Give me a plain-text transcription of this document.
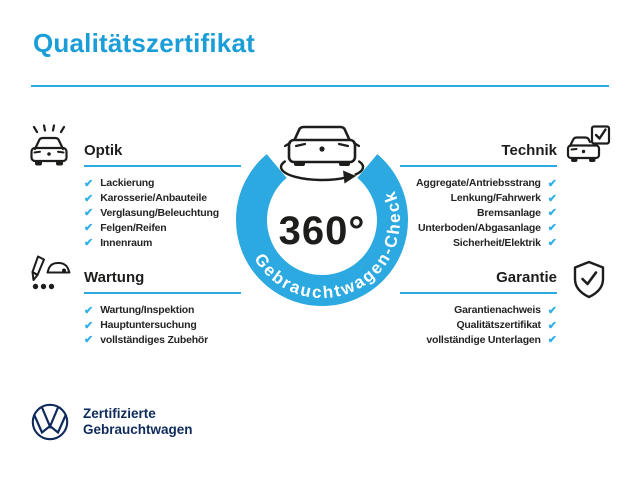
Qualitätszertifikat
Optik
✔ Lackierung
✔ Karosserie/Anbauteile
✔ Verglasung/Beleuchtung
✔ Felgen/Reifen
✔ Innenraum
Technik
✔
Aggregate/Antriebsstrang
✔
Lenkung/Fahrwerk
✔
Bremsanlage
✔
Unterboden/Abgasanlage
✔
Sicherheit/Elektrik
Wartung
✔ Wartung/Inspektion
✔ Hauptuntersuchung
✔ vollständiges Zubehör
Garantie
✔
Garantienachweis
✔
Qualitätszertifikat
✔
vollständige Unterlagen
Gebrauchtwagen-Check
360°
Zertifizierte
Gebrauchtwagen
